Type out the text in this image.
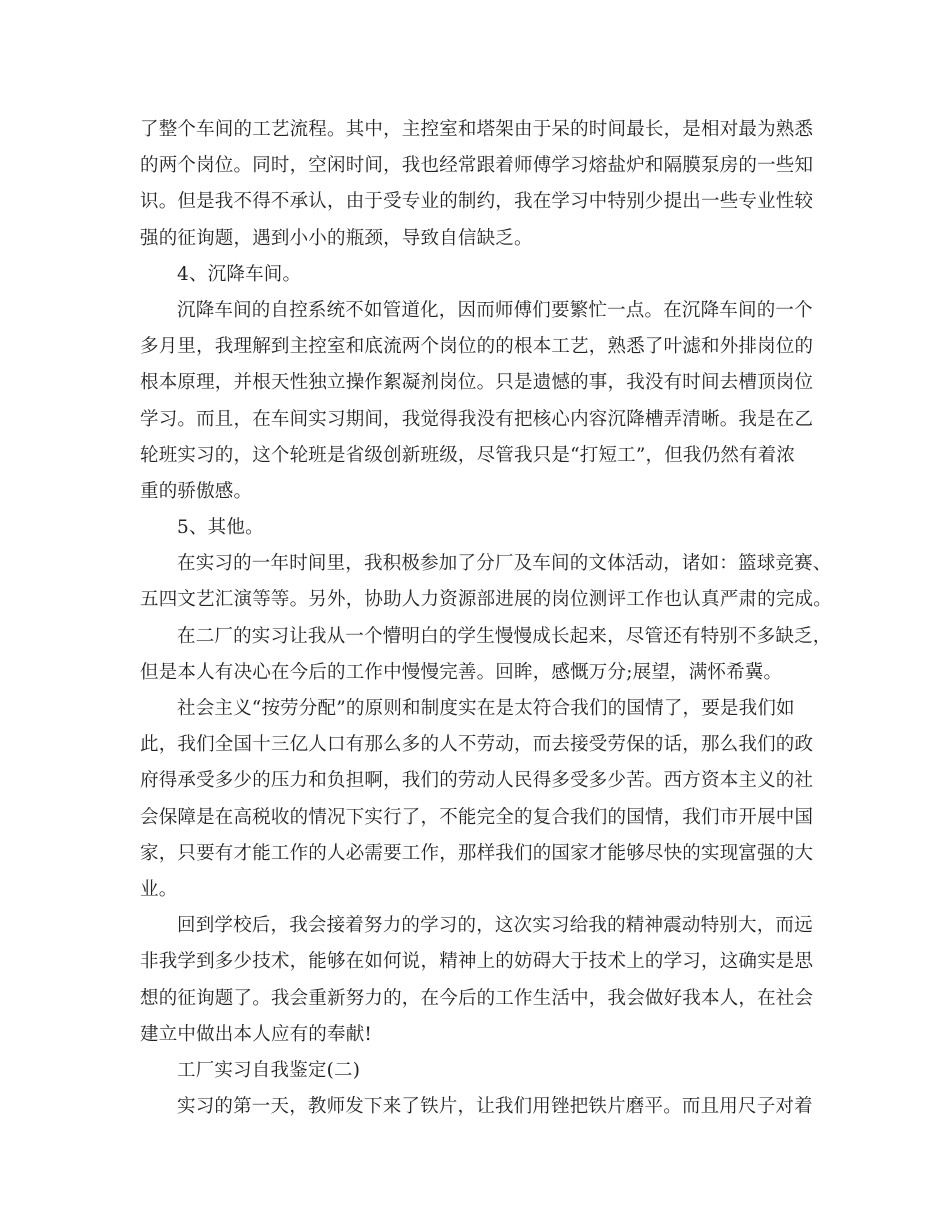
了整个车间的工艺流程。其中，主控室和塔架由于呆的时间最长，是相对最为熟悉
的两个岗位。同时，空闲时间，我也经常跟着师傅学习熔盐炉和隔膜泵房的一些知
识。但是我不得不承认，由于受专业的制约，我在学习中特别少提出一些专业性较
强的征询题，遇到小小的瓶颈，导致自信缺乏。
4、沉降车间。
沉降车间的自控系统不如管道化，因而师傅们要繁忙一点。在沉降车间的一个
多月里，我理解到主控室和底流两个岗位的的根本工艺，熟悉了叶滤和外排岗位的
根本原理，并根天性独立操作絮凝剂岗位。只是遗憾的事，我没有时间去槽顶岗位
学习。而且，在车间实习期间，我觉得我没有把核心内容沉降槽弄清晰。我是在乙
轮班实习的，这个轮班是省级创新班级，尽管我只是“打短工”，但我仍然有着浓
重的骄傲感。
5、其他。
在实习的一年时间里，我积极参加了分厂及车间的文体活动，诸如：篮球竞赛、
五四文艺汇演等等。另外，协助人力资源部进展的岗位测评工作也认真严肃的完成。
在二厂的实习让我从一个懵明白的学生慢慢成长起来，尽管还有特别不多缺乏，
但是本人有决心在今后的工作中慢慢完善。回眸，感慨万分;展望，满怀希冀。
社会主义“按劳分配”的原则和制度实在是太符合我们的国情了，要是我们如
此，我们全国十三亿人口有那么多的人不劳动，而去接受劳保的话，那么我们的政
府得承受多少的压力和负担啊，我们的劳动人民得多受多少苦。西方资本主义的社
会保障是在高税收的情况下实行了，不能完全的复合我们的国情，我们市开展中国
家，只要有才能工作的人必需要工作，那样我们的国家才能够尽快的实现富强的大
业。
回到学校后，我会接着努力的学习的，这次实习给我的精神震动特别大，而远
非我学到多少技术，能够在如何说，精神上的妨碍大于技术上的学习，这确实是思
想的征询题了。我会重新努力的，在今后的工作生活中，我会做好我本人，在社会
建立中做出本人应有的奉献!
工厂实习自我鉴定(二)
实习的第一天，教师发下来了铁片，让我们用锉把铁片磨平。而且用尺子对着
